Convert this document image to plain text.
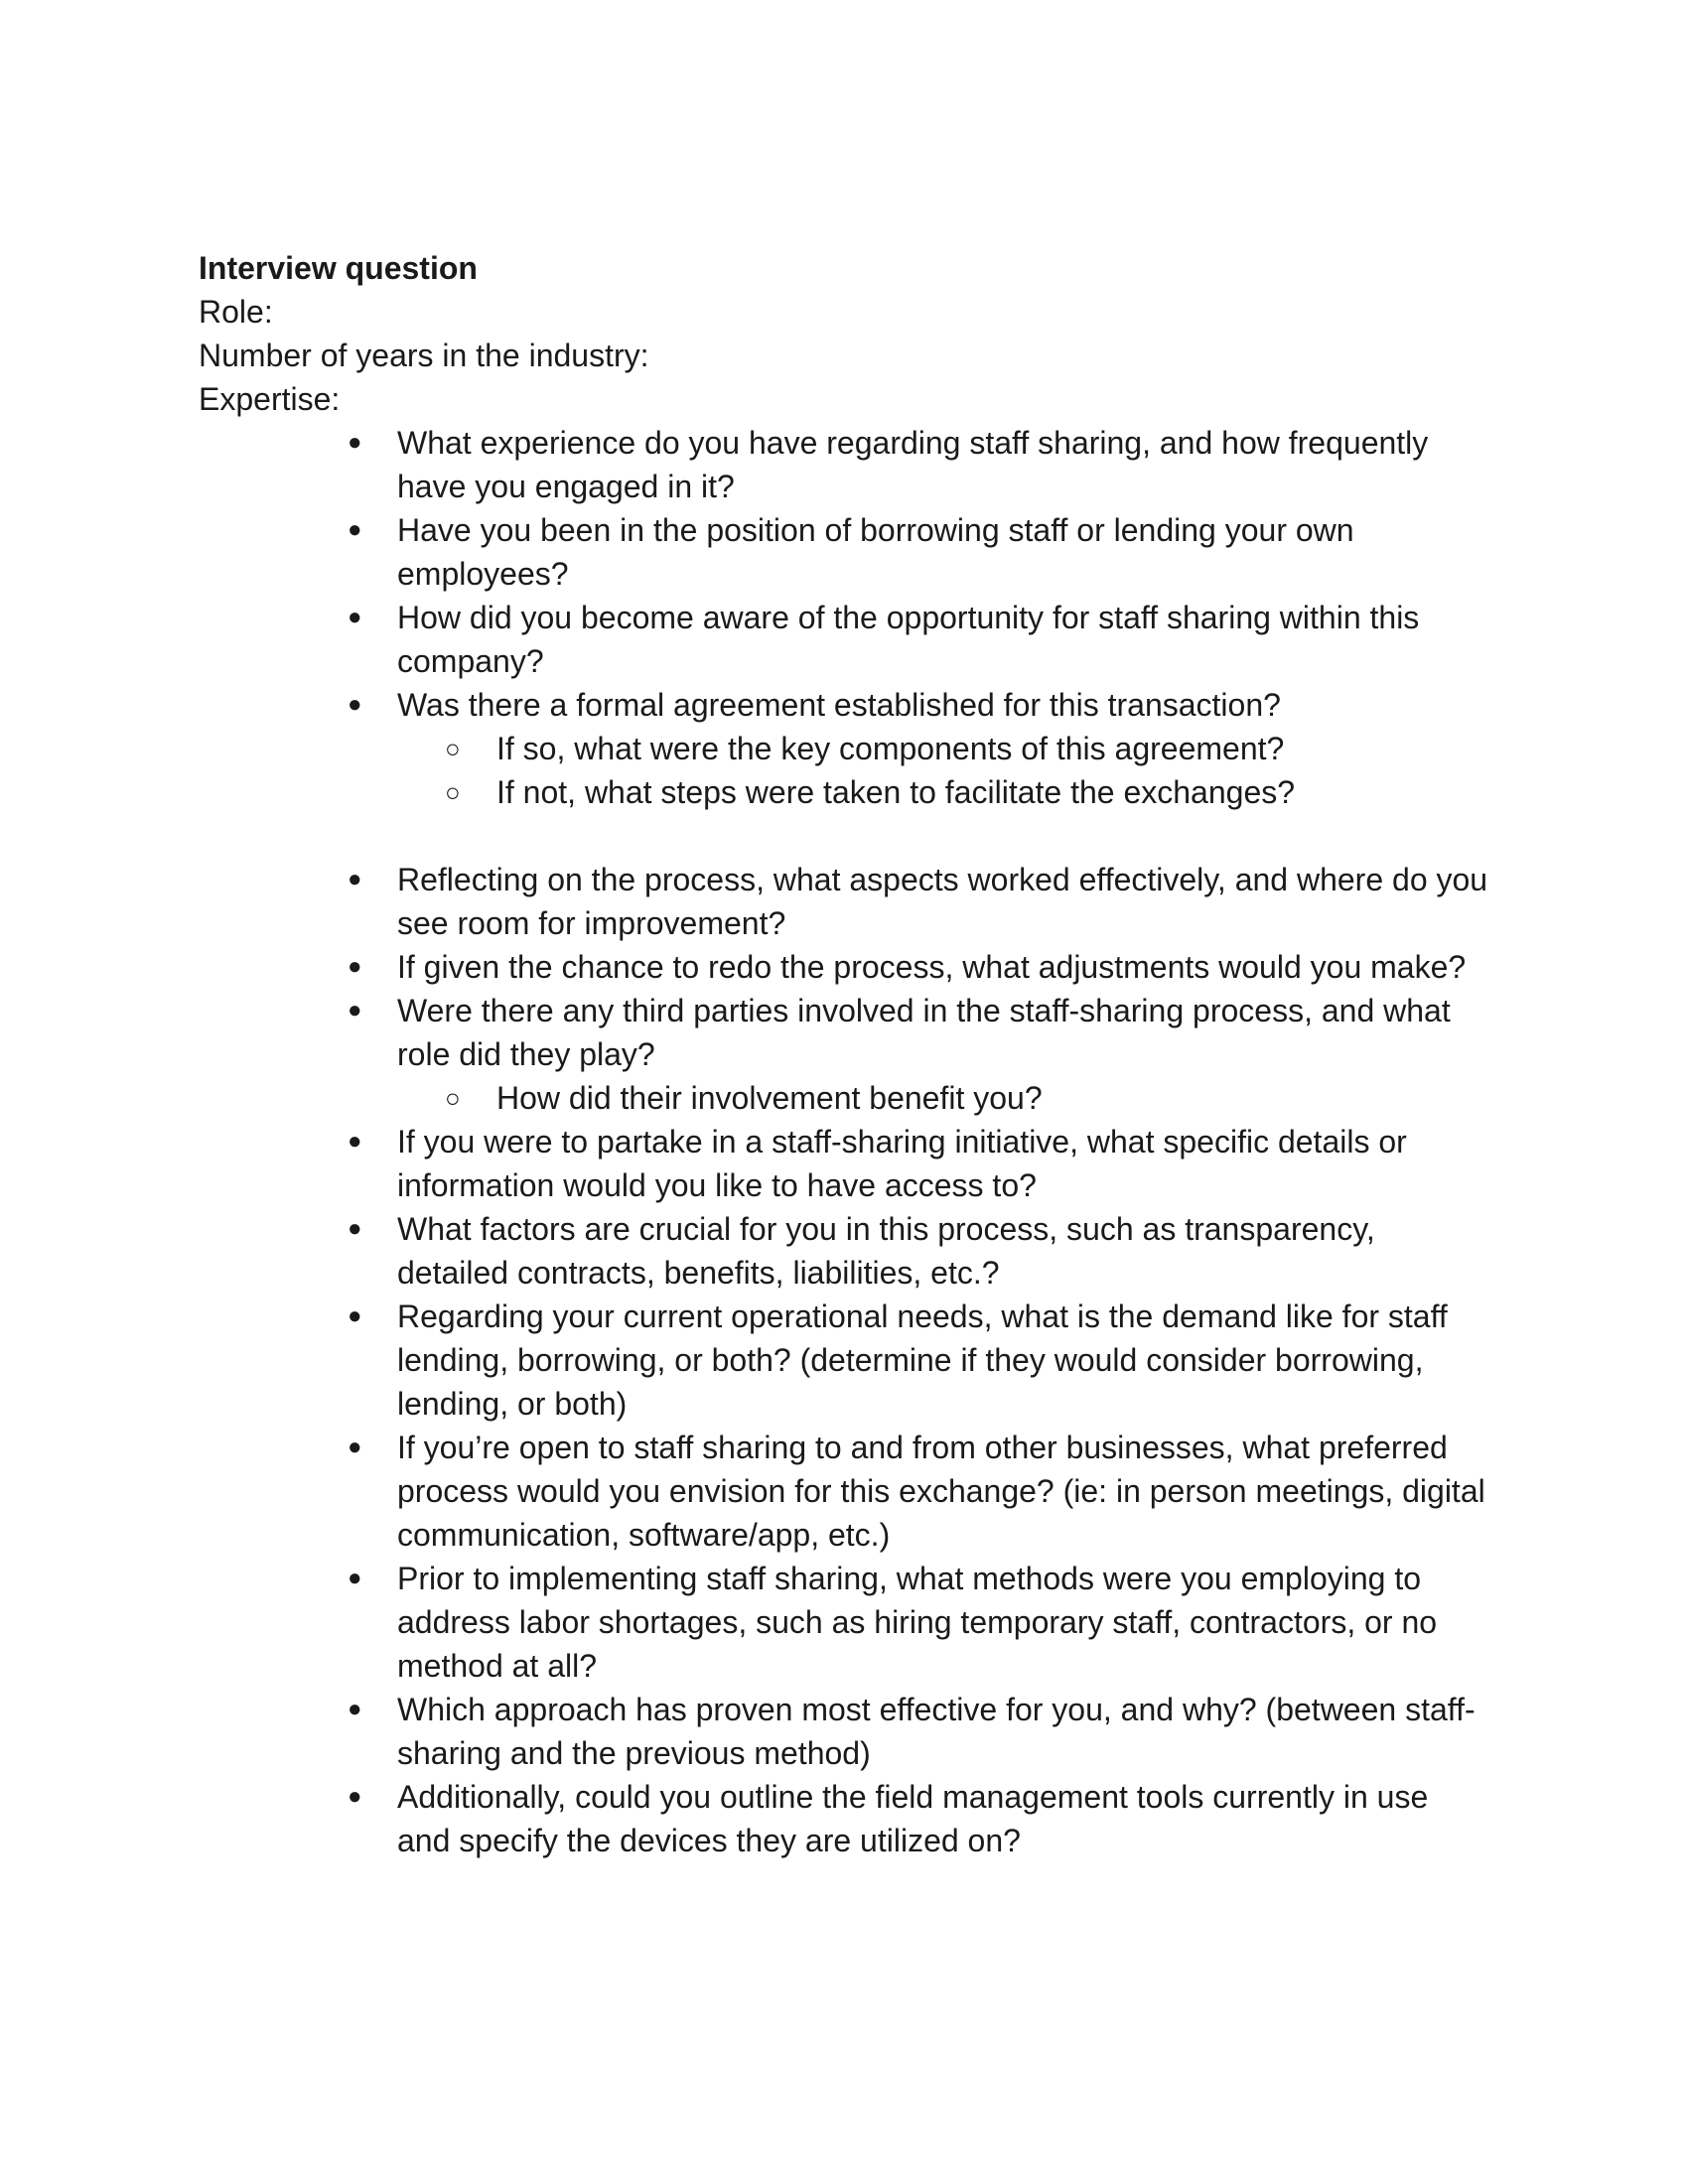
Interview question

Role:

Number of years in the industry:

Expertise:

● What experience do you have regarding staff sharing, and how frequently have you engaged in it?
● Have you been in the position of borrowing staff or lending your own employees?
● How did you become aware of the opportunity for staff sharing within this company?
● Was there a formal agreement established for this transaction?
○ If so, what were the key components of this agreement?
○ If not, what steps were taken to facilitate the exchanges?
● Reflecting on the process, what aspects worked effectively, and where do you see room for improvement?
● If given the chance to redo the process, what adjustments would you make?
● Were there any third parties involved in the staff-sharing process, and what role did they play?
○ How did their involvement benefit you?
● If you were to partake in a staff-sharing initiative, what specific details or information would you like to have access to?
● What factors are crucial for you in this process, such as transparency, detailed contracts, benefits, liabilities, etc.?
● Regarding your current operational needs, what is the demand like for staff lending, borrowing, or both? (determine if they would consider borrowing, lending, or both)
● If you’re open to staff sharing to and from other businesses, what preferred process would you envision for this exchange? (ie: in person meetings, digital communication, software/app, etc.)
● Prior to implementing staff sharing, what methods were you employing to address labor shortages, such as hiring temporary staff, contractors, or no method at all?
● Which approach has proven most effective for you, and why? (between staff-sharing and the previous method)
● Additionally, could you outline the field management tools currently in use and specify the devices they are utilized on?
